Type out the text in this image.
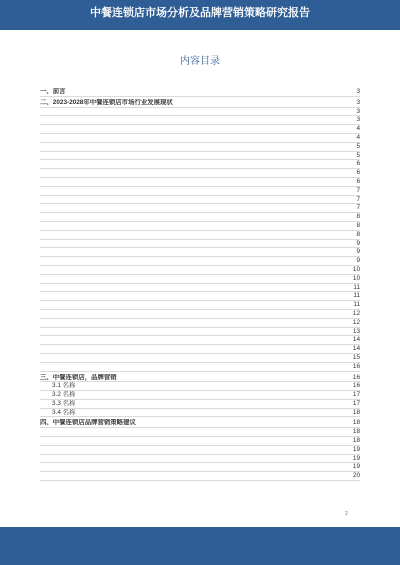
中餐连锁店市场分析及品牌营销策略研究报告
内容目录
一、前言	3
二、2023-2028年中餐连锁店市场行业发展现状	3
3
3
4
4
5
5
6
6
6
7
7
7
8
8
8
9
9
9
10
10
11
11
11
12
12
13
14
14
15
16
三、中餐连锁店，品牌营销	16
3.1 名称	16
3.2 名称	17
3.3 名称	17
3.4 名称	18
四、中餐连锁店品牌营销策略建议	18
18
18
19
19
19
20
2
